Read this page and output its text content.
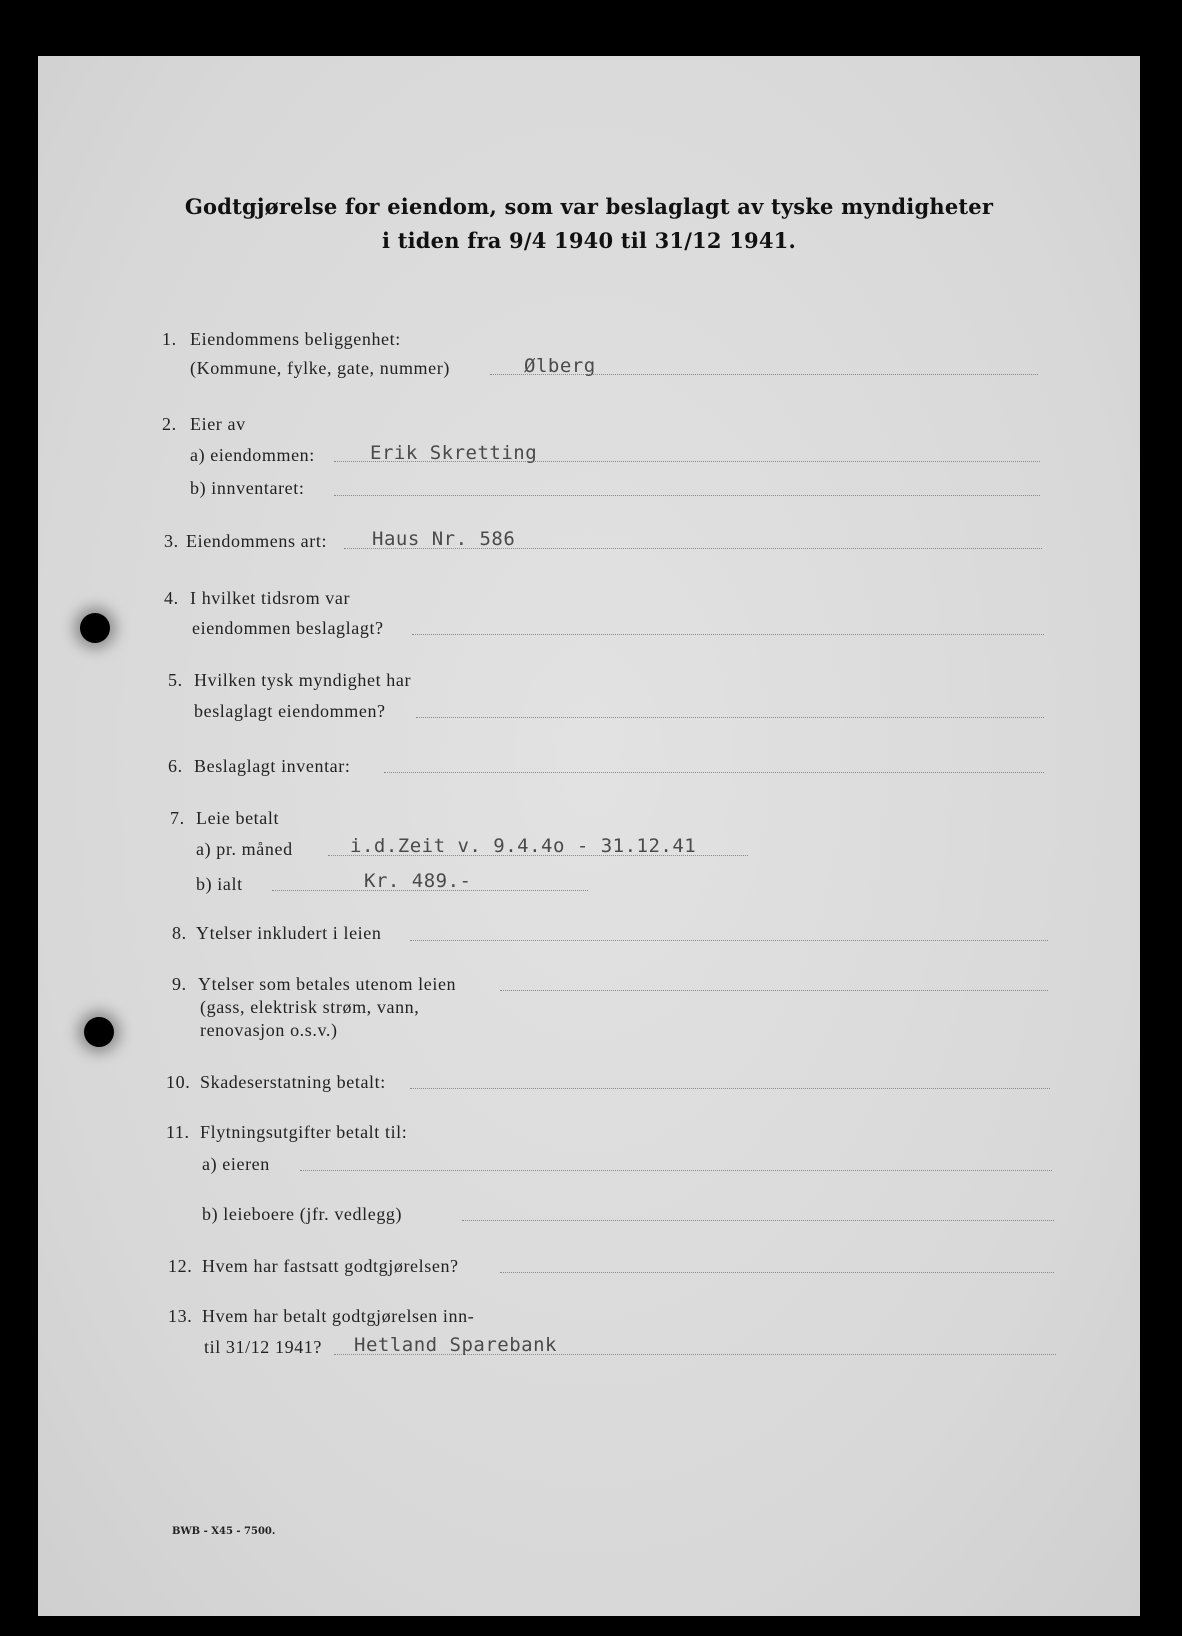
Godtgjørelse for eiendom, som var beslaglagt av tyske myndigheter
i tiden fra 9/4 1940 til 31/12 1941.
1. Eiendommens beliggenhet:
(Kommune, fylke, gate, nummer)	Ølberg
2. Eier av
a) eiendommen:	Erik Skretting
b) innventaret:
3. Eiendommens art: Haus Nr. 586
4. I hvilket tidsrom var
eiendommen beslaglagt?
5. Hvilken tysk myndighet har
beslaglagt eiendommen?
6. Beslaglagt inventar:
7. Leie betalt
a) pr. måned	i.d.Zeit v. 9.4.4o - 31.12.41
b) ialt	Kr. 489.-
8. Ytelser inkludert i leien
9. Ytelser som betales utenom leien
(gass, elektrisk strøm, vann,
renovasjon o.s.v.)
10. Skadeserstatning betalt:
11. Flytningsutgifter betalt til:
a) eieren
b) leieboere (jfr. vedlegg)
12. Hvem har fastsatt godtgjørelsen?
13. Hvem har betalt godtgjørelsen inn-
til 31/12 1941? Hetland Sparebank
BWB - X45 - 7500.
